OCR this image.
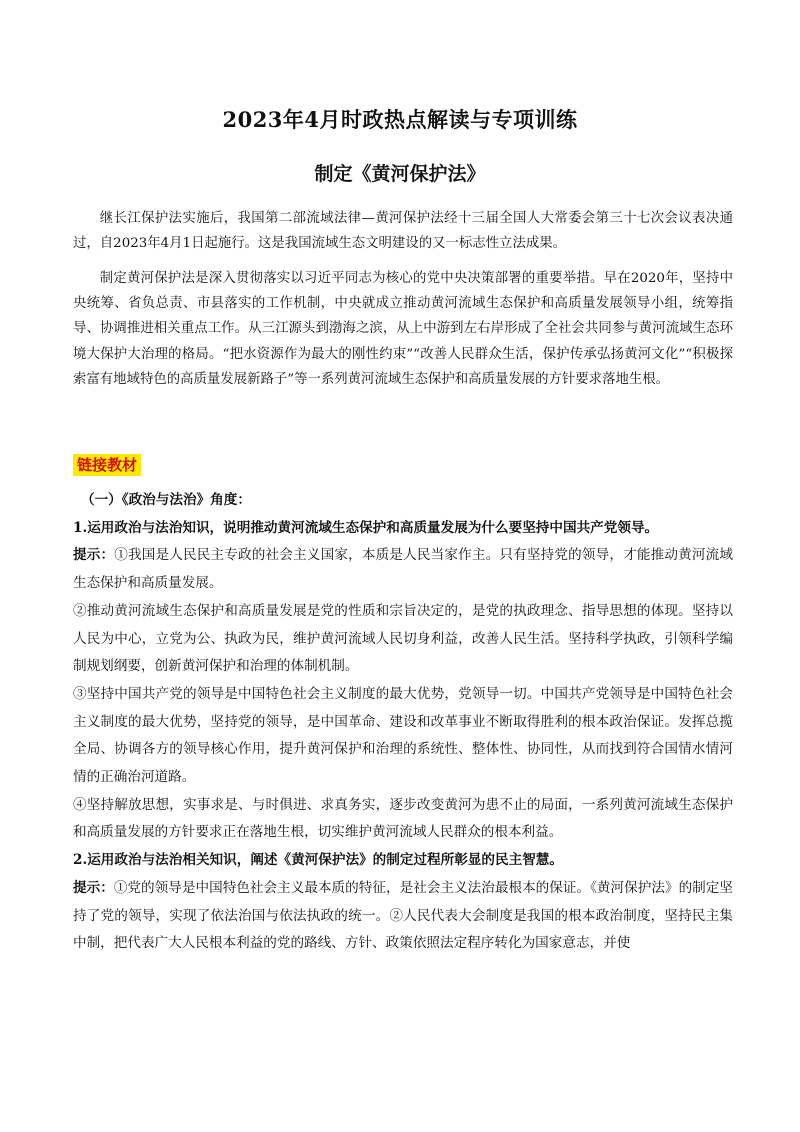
2023年4月时政热点解读与专项训练
制定《黄河保护法》

继长江保护法实施后，我国第二部流域法律—黄河保护法经十三届全国人大常委会第三十七次会议表决通过，自2023年4月1日起施行。这是我国流域生态文明建设的又一标志性立法成果。

制定黄河保护法是深入贯彻落实以习近平同志为核心的党中央决策部署的重要举措。早在2020年，坚持中央统筹、省负总责、市县落实的工作机制，中央就成立推动黄河流域生态保护和高质量发展领导小组，统筹指导、协调推进相关重点工作。从三江源头到渤海之滨，从上中游到左右岸形成了全社会共同参与黄河流域生态环境大保护大治理的格局。“把水资源作为最大的刚性约束”“改善人民群众生活，保护传承弘扬黄河文化”“积极探索富有地域特色的高质量发展新路子”等一系列黄河流域生态保护和高质量发展的方针要求落地生根。

链接教材

（一）《政治与法治》角度：

1.运用政治与法治知识，说明推动黄河流域生态保护和高质量发展为什么要坚持中国共产党领导。

提示：①我国是人民民主专政的社会主义国家，本质是人民当家作主。只有坚持党的领导，才能推动黄河流域生态保护和高质量发展。

②推动黄河流域生态保护和高质量发展是党的性质和宗旨决定的，是党的执政理念、指导思想的体现。坚持以人民为中心，立党为公、执政为民，维护黄河流域人民切身利益，改善人民生活。坚持科学执政，引领科学编制规划纲要，创新黄河保护和治理的体制机制。

③坚持中国共产党的领导是中国特色社会主义制度的最大优势，党领导一切。中国共产党领导是中国特色社会主义制度的最大优势，坚持党的领导，是中国革命、建设和改革事业不断取得胜利的根本政治保证。发挥总揽全局、协调各方的领导核心作用，提升黄河保护和治理的系统性、整体性、协同性，从而找到符合国情水情河情的正确治河道路。

④坚持解放思想，实事求是、与时俱进、求真务实，逐步改变黄河为患不止的局面，一系列黄河流域生态保护和高质量发展的方针要求正在落地生根，切实维护黄河流域人民群众的根本利益。

2.运用政治与法治相关知识，阐述《黄河保护法》的制定过程所彰显的民主智慧。

提示：①党的领导是中国特色社会主义最本质的特征，是社会主义法治最根本的保证。《黄河保护法》的制定坚持了党的领导，实现了依法治国与依法执政的统一。②人民代表大会制度是我国的根本政治制度，坚持民主集中制，把代表广大人民根本利益的党的路线、方针、政策依照法定程序转化为国家意志，并使
